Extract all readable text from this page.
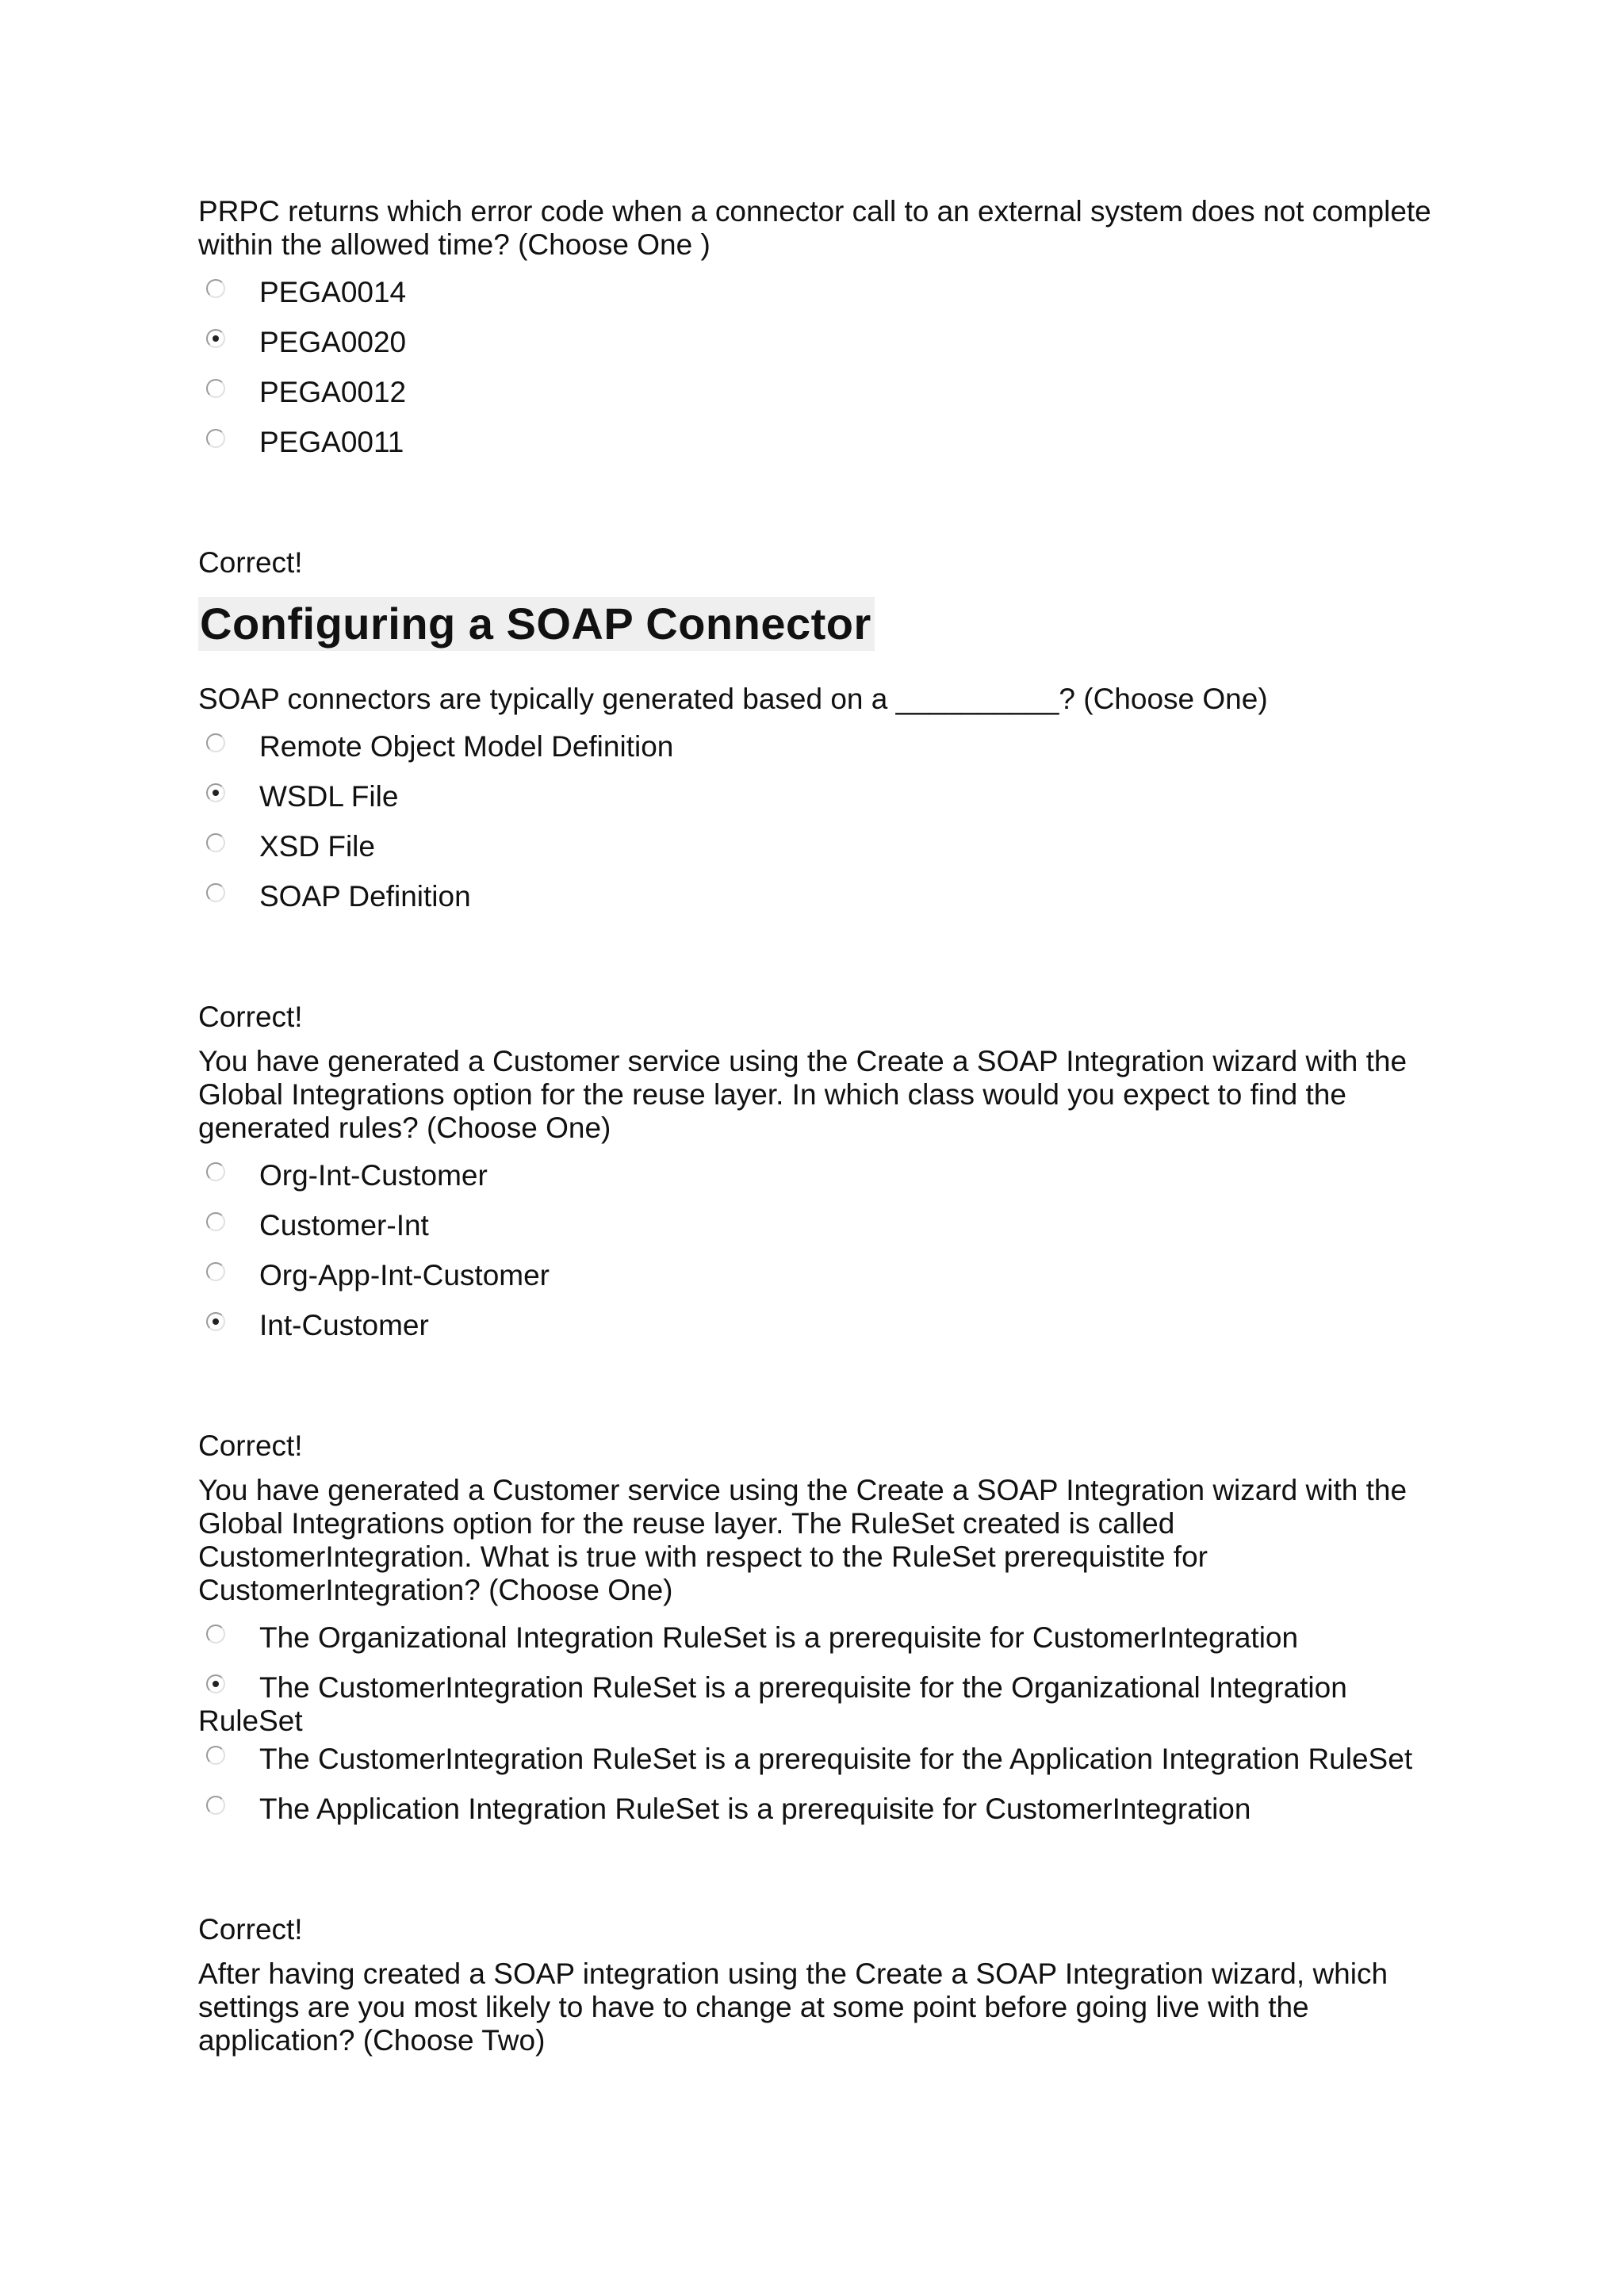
PRPC returns which error code when a connector call to an external system does not complete within the allowed time? (Choose One )

PEGA0014
PEGA0020
PEGA0012
PEGA0011

Correct!

Configuring a SOAP Connector

SOAP connectors are typically generated based on a __________? (Choose One)

Remote Object Model Definition
WSDL File
XSD File
SOAP Definition

Correct!

You have generated a Customer service using the Create a SOAP Integration wizard with the Global Integrations option for the reuse layer. In which class would you expect to find the generated rules? (Choose One)

Org-Int-Customer
Customer-Int
Org-App-Int-Customer
Int-Customer

Correct!

You have generated a Customer service using the Create a SOAP Integration wizard with the Global Integrations option for the reuse layer. The RuleSet created is called CustomerIntegration. What is true with respect to the RuleSet prerequistite for CustomerIntegration? (Choose One)

The Organizational Integration RuleSet is a prerequisite for CustomerIntegration
The CustomerIntegration RuleSet is a prerequisite for the Organizational Integration RuleSet
The CustomerIntegration RuleSet is a prerequisite for the Application Integration RuleSet
The Application Integration RuleSet is a prerequisite for CustomerIntegration

Correct!

After having created a SOAP integration using the Create a SOAP Integration wizard, which settings are you most likely to have to change at some point before going live with the application? (Choose Two)
